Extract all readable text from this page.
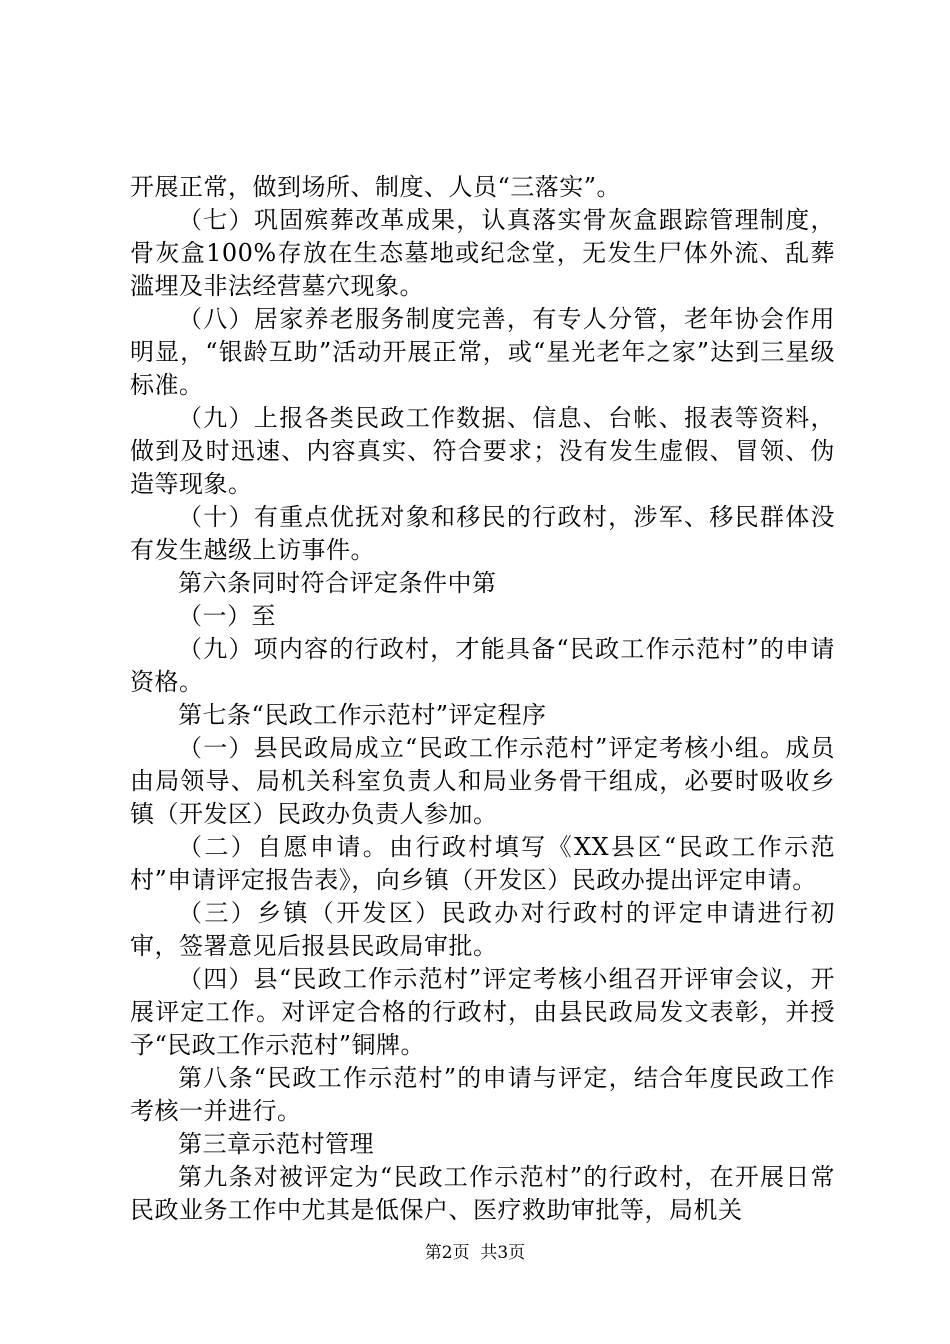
开展正常，做到场所、制度、人员“三落实”。

（七）巩固殡葬改革成果，认真落实骨灰盒跟踪管理制度，骨灰盒100%存放在生态墓地或纪念堂，无发生尸体外流、乱葬滥埋及非法经营墓穴现象。

（八）居家养老服务制度完善，有专人分管，老年协会作用明显，“银龄互助”活动开展正常，或“星光老年之家”达到三星级标准。

（九）上报各类民政工作数据、信息、台帐、报表等资料，做到及时迅速、内容真实、符合要求；没有发生虚假、冒领、伪造等现象。

（十）有重点优抚对象和移民的行政村，涉军、移民群体没有发生越级上访事件。

第六条同时符合评定条件中第

（一）至

（九）项内容的行政村，才能具备“民政工作示范村”的申请资格。

第七条“民政工作示范村”评定程序

（一）县民政局成立“民政工作示范村”评定考核小组。成员由局领导、局机关科室负责人和局业务骨干组成，必要时吸收乡镇（开发区）民政办负责人参加。

（二）自愿申请。由行政村填写《XX县区“民政工作示范村”申请评定报告表》，向乡镇（开发区）民政办提出评定申请。

（三）乡镇（开发区）民政办对行政村的评定申请进行初审，签署意见后报县民政局审批。

（四）县“民政工作示范村”评定考核小组召开评审会议，开展评定工作。对评定合格的行政村，由县民政局发文表彰，并授予“民政工作示范村”铜牌。

第八条“民政工作示范村”的申请与评定，结合年度民政工作考核一并进行。

第三章示范村管理

第九条对被评定为“民政工作示范村”的行政村，在开展日常民政业务工作中尤其是低保户、医疗救助审批等，局机关

第2页  共3页
